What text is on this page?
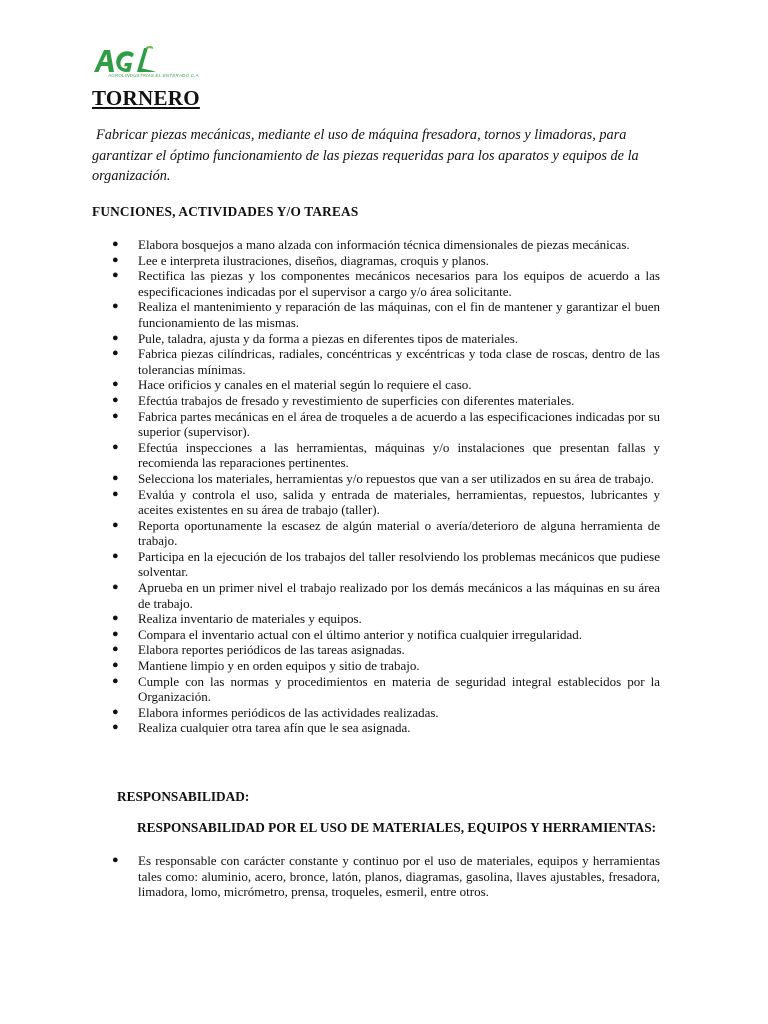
AGROLINDUSTRIAS EL ENTERADO C.A
TORNERO

Fabricar piezas mecánicas, mediante el uso de máquina fresadora, tornos y limadoras, para garantizar el óptimo funcionamiento de las piezas requeridas para los aparatos y equipos de la organización.

FUNCIONES, ACTIVIDADES Y/O TAREAS
● Elabora bosquejos a mano alzada con información técnica dimensionales de piezas mecánicas.
● Lee e interpreta ilustraciones, diseños, diagramas, croquis y planos.
● Rectifica las piezas y los componentes mecánicos necesarios para los equipos de acuerdo a las especificaciones indicadas por el supervisor a cargo y/o área solicitante.
● Realiza el mantenimiento y reparación de las máquinas, con el fin de mantener y garantizar el buen funcionamiento de las mismas.
● Pule, taladra, ajusta y da forma a piezas en diferentes tipos de materiales.
● Fabrica piezas cilíndricas, radiales, concéntricas y excéntricas y toda clase de roscas, dentro de las tolerancias mínimas.
● Hace orificios y canales en el material según lo requiere el caso.
● Efectúa trabajos de fresado y revestimiento de superficies con diferentes materiales.
● Fabrica partes mecánicas en el área de troqueles a de acuerdo a las especificaciones indicadas por su superior (supervisor).
● Efectúa inspecciones a las herramientas, máquinas y/o instalaciones que presentan fallas y recomienda las reparaciones pertinentes.
● Selecciona los materiales, herramientas y/o repuestos que van a ser utilizados en su área de trabajo.
● Evalúa y controla el uso, salida y entrada de materiales, herramientas, repuestos, lubricantes y aceites existentes en su área de trabajo (taller).
● Reporta oportunamente la escasez de algún material o avería/deterioro de alguna herramienta de trabajo.
● Participa en la ejecución de los trabajos del taller resolviendo los problemas mecánicos que pudiese solventar.
● Aprueba en un primer nivel el trabajo realizado por los demás mecánicos a las máquinas en su área de trabajo.
● Realiza inventario de materiales y equipos.
● Compara el inventario actual con el último anterior y notifica cualquier irregularidad.
● Elabora reportes periódicos de las tareas asignadas.
● Mantiene limpio y en orden equipos y sitio de trabajo.
● Cumple con las normas y procedimientos en materia de seguridad integral establecidos por la Organización.
● Elabora informes periódicos de las actividades realizadas.
● Realiza cualquier otra tarea afín que le sea asignada.
RESPONSABILIDAD:
RESPONSABILIDAD POR EL USO DE MATERIALES, EQUIPOS Y HERRAMIENTAS:
● Es responsable con carácter constante y continuo por el uso de materiales, equipos y herramientas tales como: aluminio, acero, bronce, latón, planos, diagramas, gasolina, llaves ajustables, fresadora, limadora, lomo, micrómetro, prensa, troqueles, esmeril, entre otros.
